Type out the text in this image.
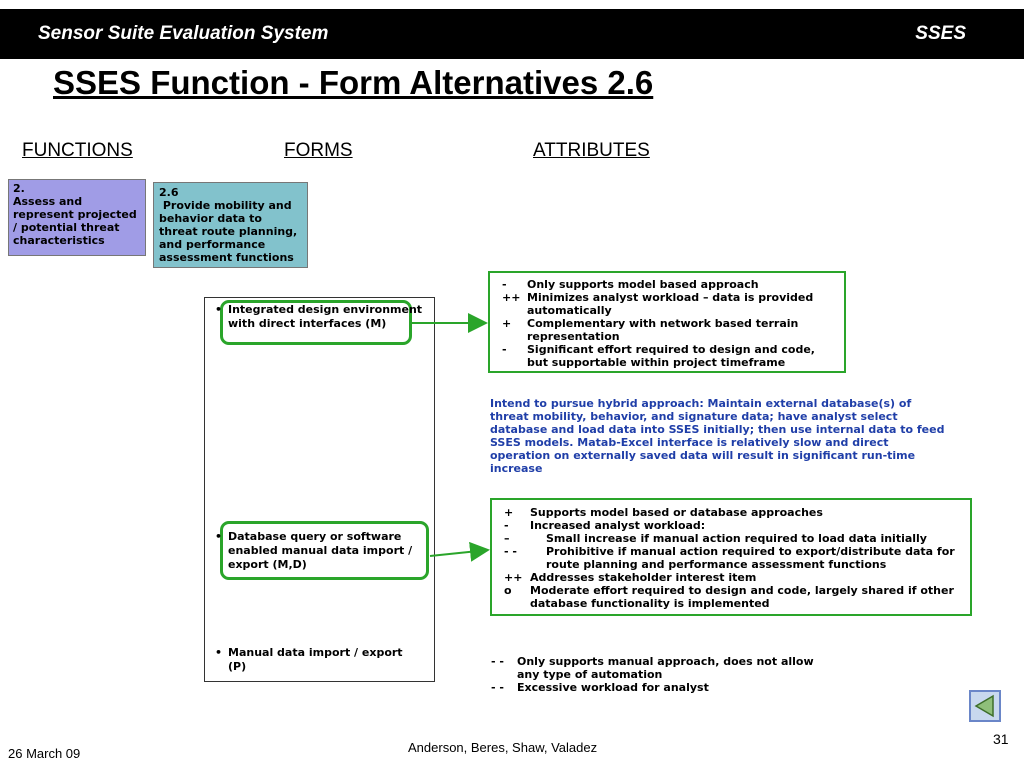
Sensor Suite Evaluation System	SSES
SSES Function - Form Alternatives 2.6
FUNCTIONS	FORMS	ATTRIBUTES
2.
Assess and represent projected / potential threat characteristics
2.6
Provide mobility and behavior data to threat route planning, and performance assessment functions
• Integrated design environment with direct interfaces (M)
• Database query or software enabled manual data import / export (M,D)
• Manual data import / export (P)
-	Only supports model based approach
++ Minimizes analyst workload – data is provided automatically
+	Complementary with network based terrain representation
-	Significant effort required to design and code, but supportable within project timeframe
Intend to pursue hybrid approach: Maintain external database(s) of threat mobility, behavior, and signature data; have analyst select database and load data into SSES initially; then use internal data to feed SSES models. Matab-Excel interface is relatively slow and direct operation on externally saved data will result in significant run-time increase
+	Supports model based or database approaches
-	Increased analyst workload:
–	Small increase if manual action required to load data initially
- -	Prohibitive if manual action required to export/distribute data for route planning and performance assessment functions
++ Addresses stakeholder interest item
o	Moderate effort required to design and code, largely shared if other database functionality is implemented
- -	Only supports manual approach, does not allow any type of automation
- -	Excessive workload for analyst
26 March 09	Anderson, Beres, Shaw, Valadez
31
